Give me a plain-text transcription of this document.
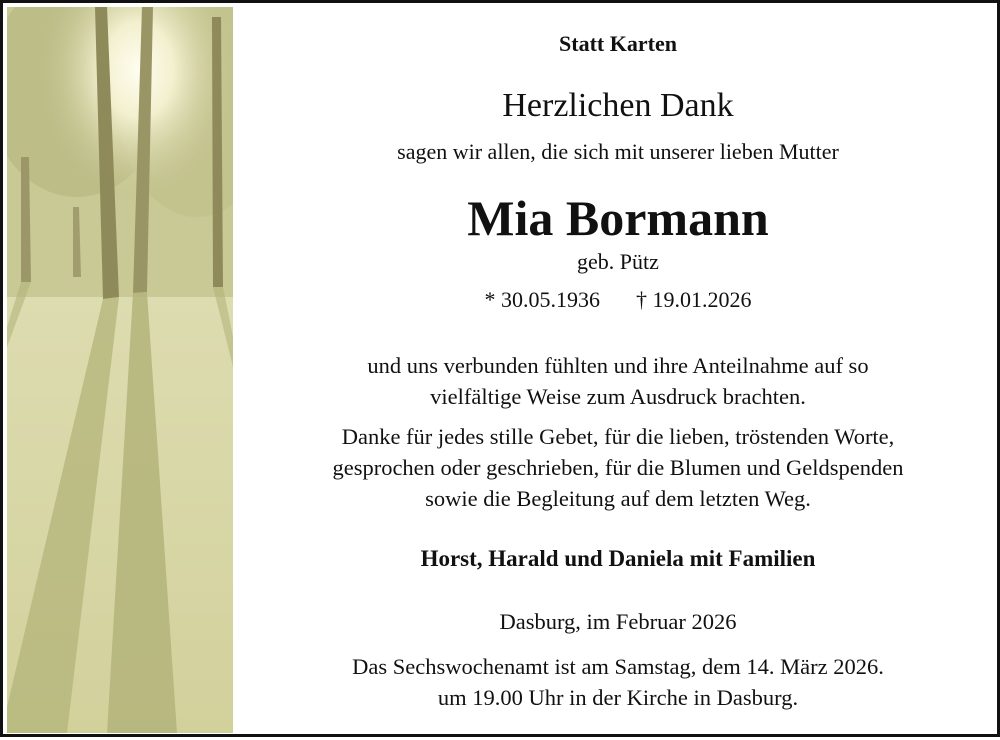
Statt Karten
Herzlichen Dank
sagen wir allen, die sich mit unserer lieben Mutter
Mia Bormann
geb. Pütz
* 30.05.1936 † 19.01.2026
und uns verbunden fühlten und ihre Anteilnahme auf so
vielfältige Weise zum Ausdruck brachten.
Danke für jedes stille Gebet, für die lieben, tröstenden Worte,
gesprochen oder geschrieben, für die Blumen und Geldspenden
sowie die Begleitung auf dem letzten Weg.
Horst, Harald und Daniela mit Familien
Dasburg, im Februar 2026
Das Sechswochenamt ist am Samstag, dem 14. März 2026.
um 19.00 Uhr in der Kirche in Dasburg.
